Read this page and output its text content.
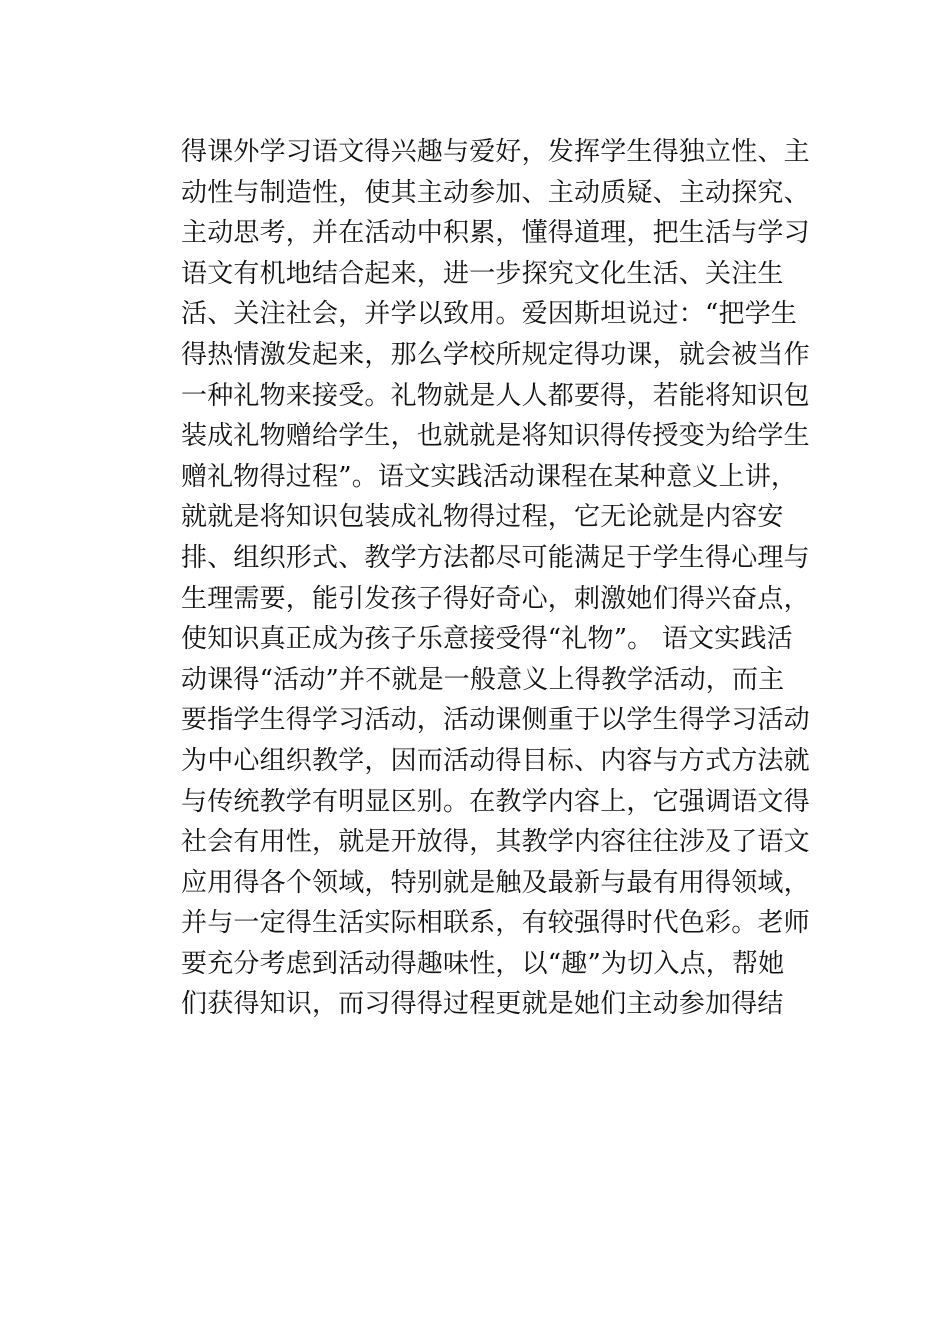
得课外学习语文得兴趣与爱好，发挥学生得独立性、主
动性与制造性，使其主动参加、主动质疑、主动探究、
主动思考，并在活动中积累，懂得道理，把生活与学习
语文有机地结合起来，进一步探究文化生活、关注生
活、关注社会，并学以致用。爱因斯坦说过：“把学生
得热情激发起来，那么学校所规定得功课，就会被当作
一种礼物来接受。礼物就是人人都要得，若能将知识包
装成礼物赠给学生，也就就是将知识得传授变为给学生
赠礼物得过程”。语文实践活动课程在某种意义上讲，
就就是将知识包装成礼物得过程，它无论就是内容安
排、组织形式、教学方法都尽可能满足于学生得心理与
生理需要，能引发孩子得好奇心，刺激她们得兴奋点，
使知识真正成为孩子乐意接受得“礼物”。 语文实践活
动课得“活动”并不就是一般意义上得教学活动，而主
要指学生得学习活动，活动课侧重于以学生得学习活动
为中心组织教学，因而活动得目标、内容与方式方法就
与传统教学有明显区别。在教学内容上，它强调语文得
社会有用性，就是开放得，其教学内容往往涉及了语文
应用得各个领域，特别就是触及最新与最有用得领域，
并与一定得生活实际相联系，有较强得时代色彩。老师
要充分考虑到活动得趣味性，以“趣”为切入点，帮她
们获得知识，而习得得过程更就是她们主动参加得结
